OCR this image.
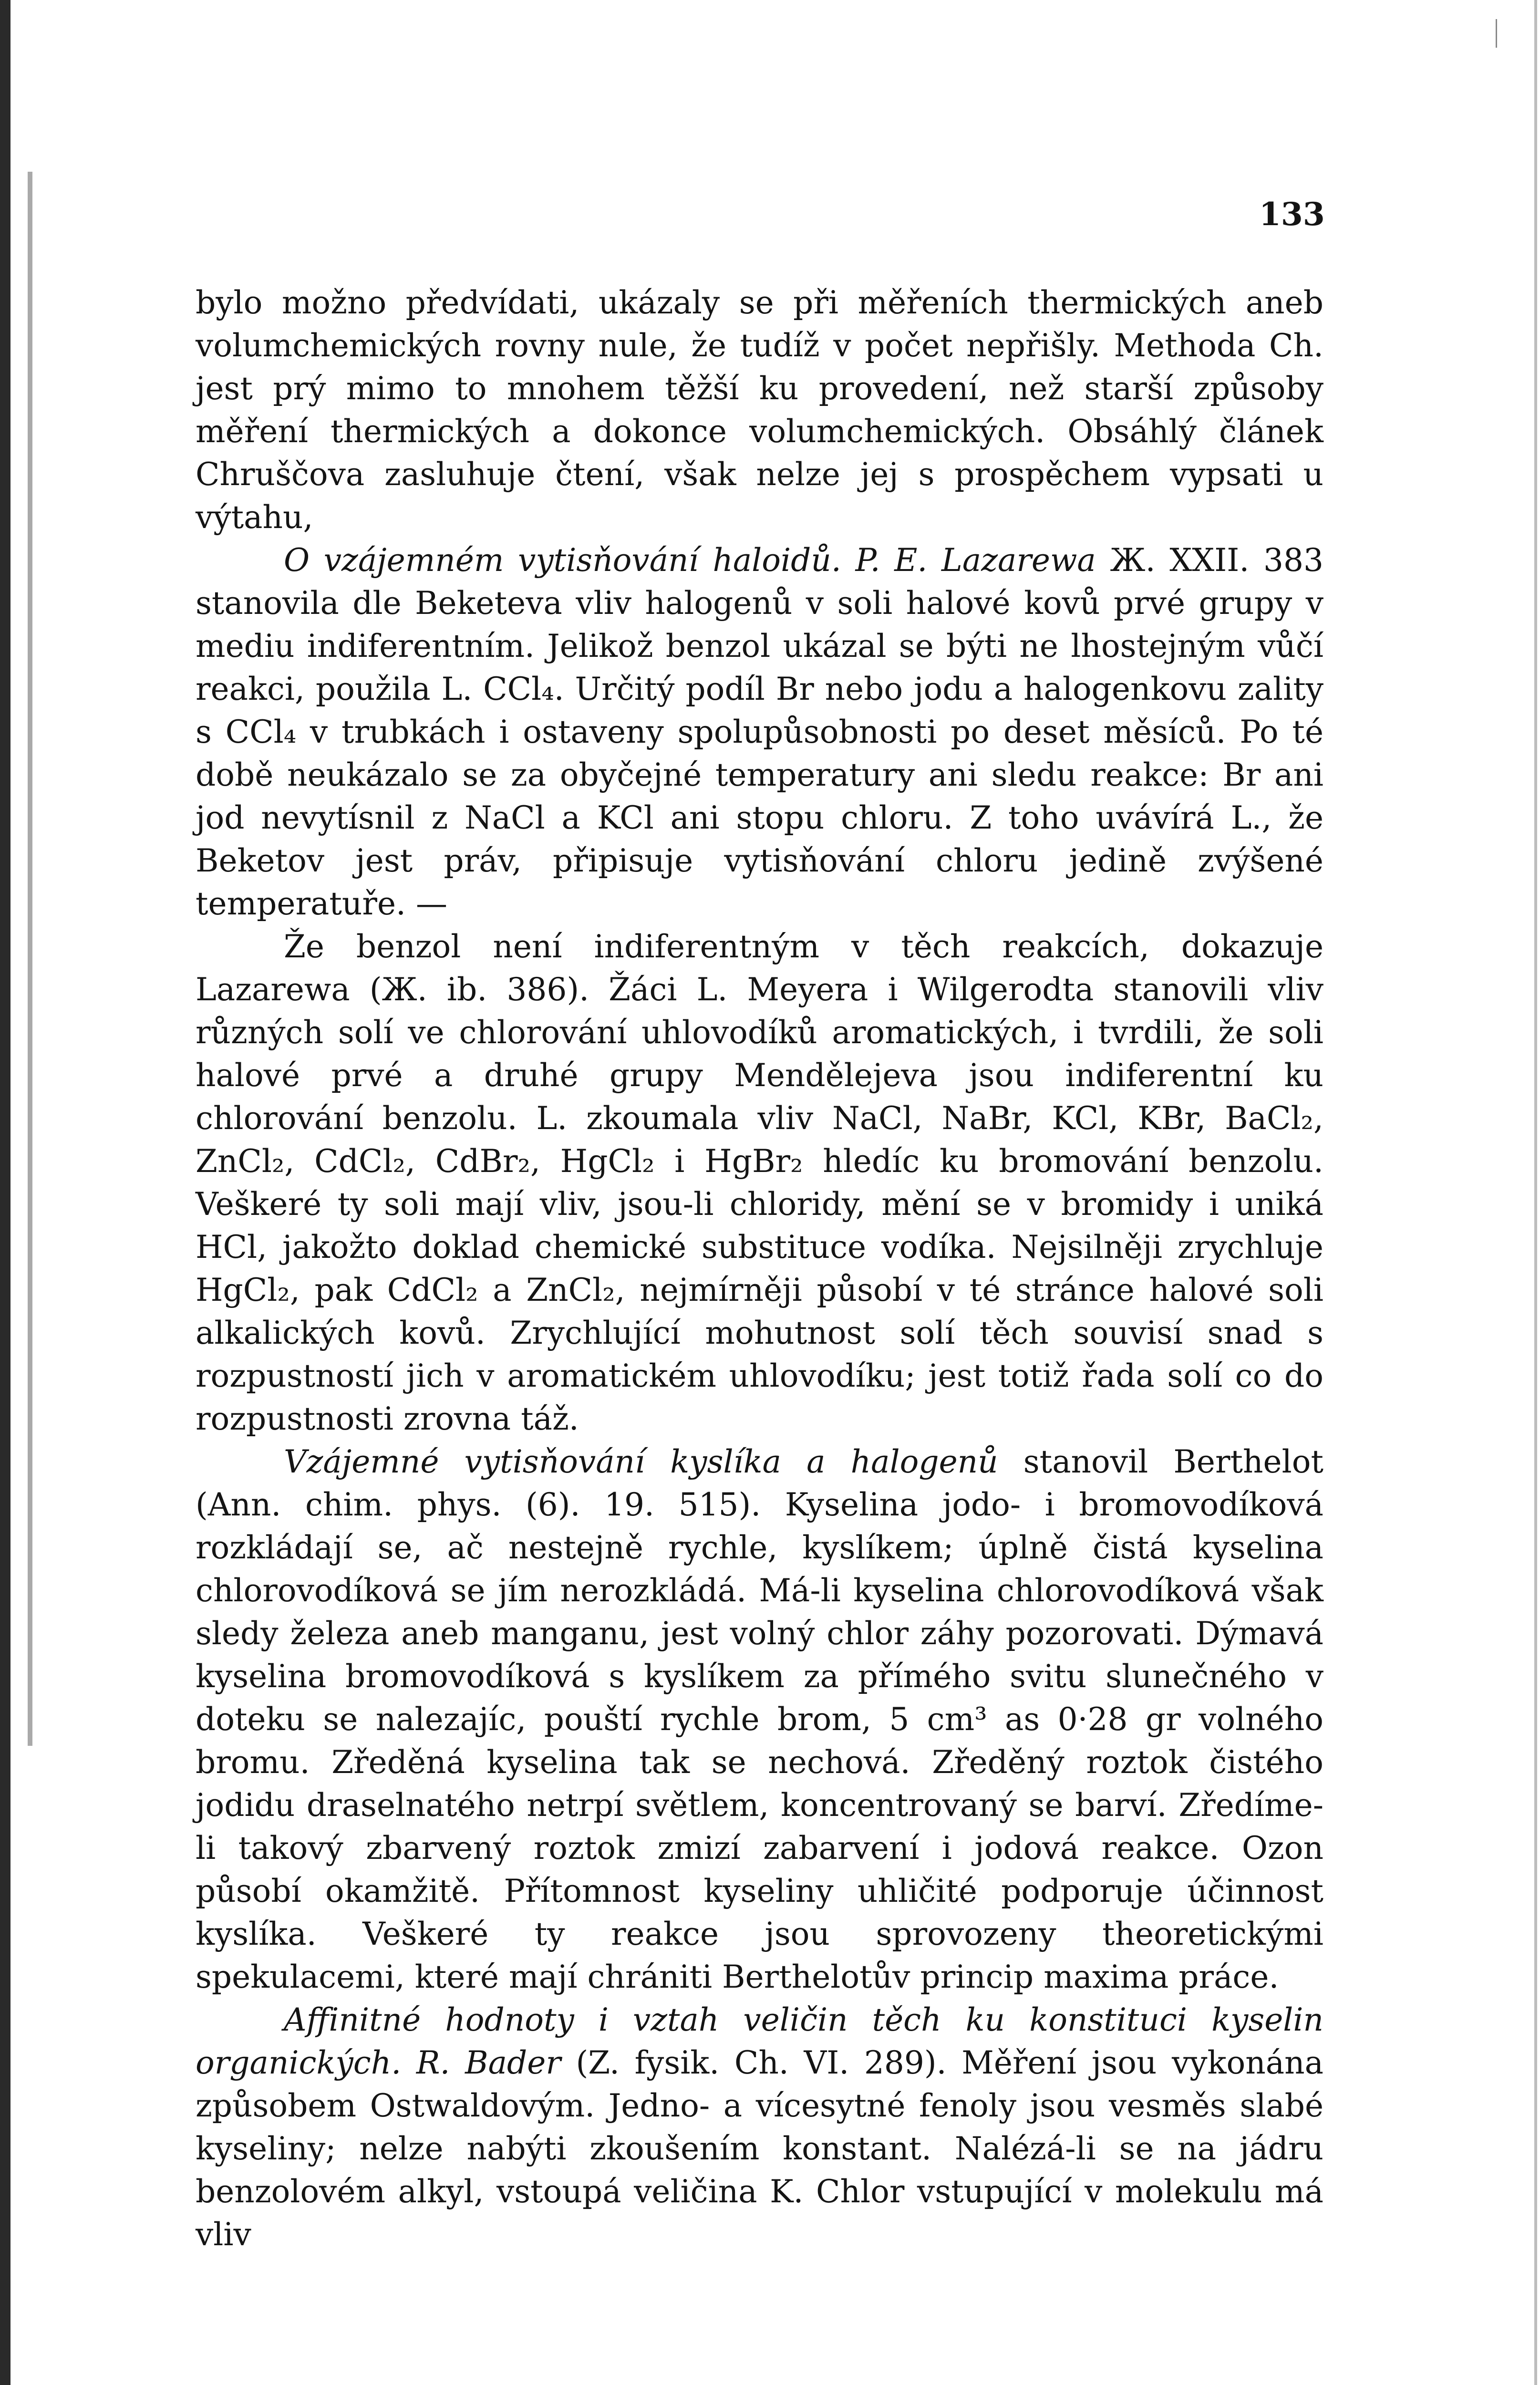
133

bylo možno předvídati, ukázaly se při měřeních thermických aneb volumchemických rovny nule, že tudíž v počet nepřišly. Methoda Ch. jest prý mimo to mnohem těžší ku provedení, než starší způsoby měření thermických a dokonce volumchemických. Obsáhlý článek Chruščova zasluhuje čtení, však nelze jej s prospěchem vypsati u výtahu,

O vzájemném vytisňování haloidů. P. E. Lazarewa Ж. XXII. 383 stanovila dle Beketeva vliv halogenů v soli halové kovů prvé grupy v mediu indiferentním. Jelikož benzol ukázal se býti ne lhostejným vůčí reakci, použila L. CCl₄. Určitý podíl Br nebo jodu a halogenkovu zality s CCl₄ v trubkách i ostaveny spolupůsobnosti po deset měsíců. Po té době neukázalo se za obyčejné temperatury ani sledu reakce: Br ani jod nevytísnil z NaCl a KCl ani stopu chloru. Z toho uvávírá L., že Beketov jest práv, připisuje vytisňování chloru jedině zvýšené temperatuře. —

Že benzol není indiferentným v těch reakcích, dokazuje Lazarewa (Ж. ib. 386). Žáci L. Meyera i Wilgerodta stanovili vliv různých solí ve chlorování uhlovodíků aromatických, i tvrdili, že soli halové prvé a druhé grupy Mendělejeva jsou indiferentní ku chlorování benzolu. L. zkoumala vliv NaCl, NaBr, KCl, KBr, BaCl₂, ZnCl₂, CdCl₂, CdBr₂, HgCl₂ i HgBr₂ hledíc ku bromování benzolu. Veškeré ty soli mají vliv, jsou-li chloridy, mění se v bromidy i uniká HCl, jakožto doklad chemické substituce vodíka. Nejsilněji zrychluje HgCl₂, pak CdCl₂ a ZnCl₂, nejmírněji působí v té stránce halové soli alkalických kovů. Zrychlující mohutnost solí těch souvisí snad s rozpustností jich v aromatickém uhlovodíku; jest totiž řada solí co do rozpustnosti zrovna táž.

Vzájemné vytisňování kyslíka a halogenů stanovil Berthelot (Ann. chim. phys. (6). 19. 515). Kyselina jodo- i bromovodíková rozkládají se, ač nestejně rychle, kyslíkem; úplně čistá kyselina chlorovodíková se jím nerozkládá. Má-li kyselina chlorovodíková však sledy železa aneb manganu, jest volný chlor záhy pozorovati. Dýmavá kyselina bromovodíková s kyslíkem za přímého svitu slunečného v doteku se nalezajíc, pouští rychle brom, 5 cm³ as 0·28 gr volného bromu. Zředěná kyselina tak se nechová. Zředěný roztok čistého jodidu draselnatého netrpí světlem, koncentrovaný se barví. Zředíme-li takový zbarvený roztok zmizí zabarvení i jodová reakce. Ozon působí okamžitě. Přítomnost kyseliny uhličité podporuje účinnost kyslíka. Veškeré ty reakce jsou sprovozeny theoretickými spekulacemi, které mají chrániti Berthelotův princip maxima práce.

Affinitné hodnoty i vztah veličin těch ku konstituci kyselin organických. R. Bader (Z. fysik. Ch. VI. 289). Měření jsou vykonána způsobem Ostwaldovým. Jedno- a vícesytné fenoly jsou vesměs slabé kyseliny; nelze nabýti zkoušením konstant. Nalézá-li se na jádru benzolovém alkyl, vstoupá veličina K. Chlor vstupující v molekulu má vliv
